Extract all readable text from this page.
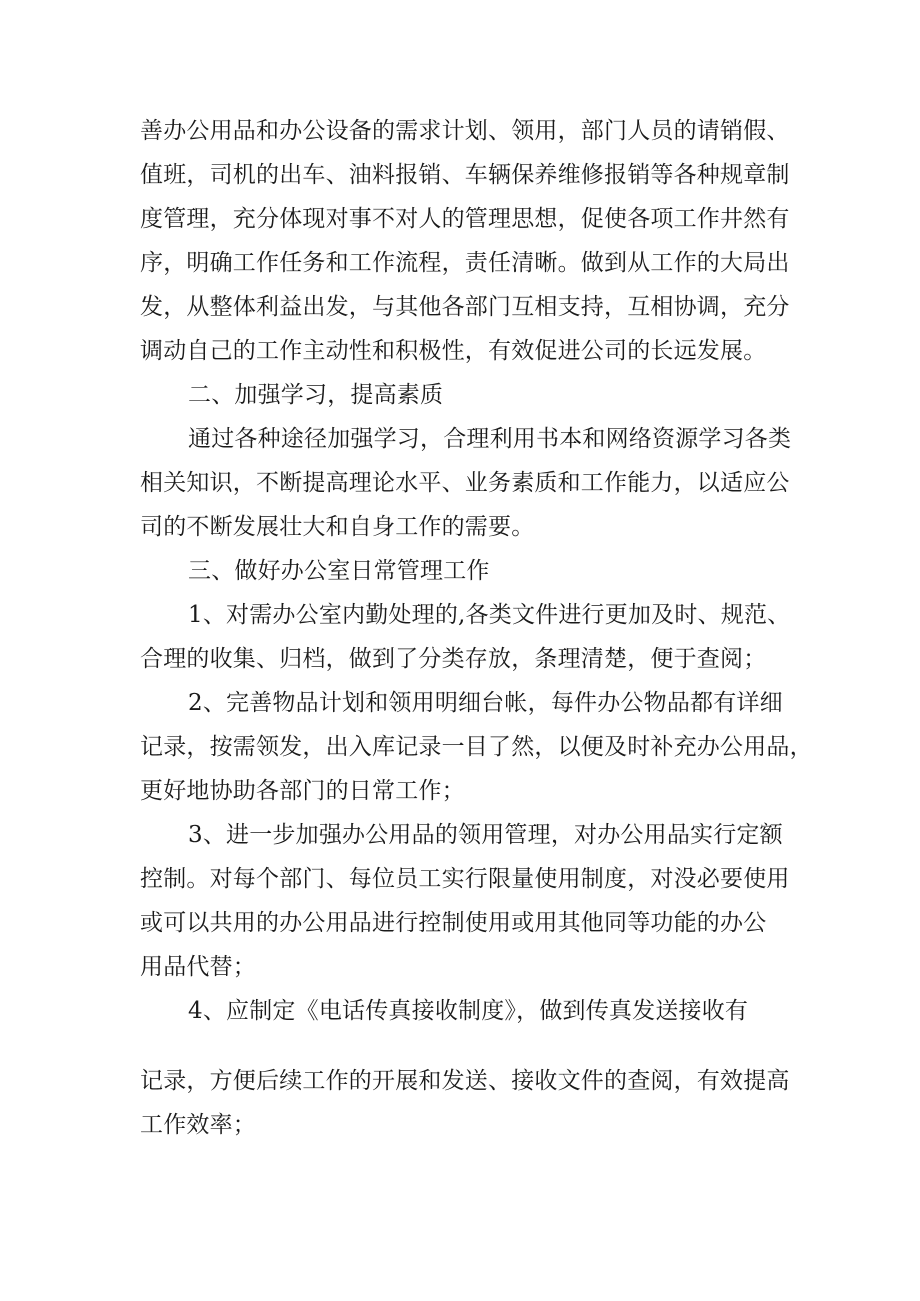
善办公用品和办公设备的需求计划、领用，部门人员的请销假、
值班，司机的出车、油料报销、车辆保养维修报销等各种规章制
度管理，充分体现对事不对人的管理思想，促使各项工作井然有
序，明确工作任务和工作流程，责任清晰。做到从工作的大局出
发，从整体利益出发，与其他各部门互相支持，互相协调，充分
调动自己的工作主动性和积极性，有效促进公司的长远发展。
二、加强学习，提高素质
通过各种途径加强学习，合理利用书本和网络资源学习各类
相关知识，不断提高理论水平、业务素质和工作能力，以适应公
司的不断发展壮大和自身工作的需要。
三、做好办公室日常管理工作
1、对需办公室内勤处理的,各类文件进行更加及时、规范、
合理的收集、归档，做到了分类存放，条理清楚，便于查阅；
2、完善物品计划和领用明细台帐，每件办公物品都有详细
记录，按需领发，出入库记录一目了然，以便及时补充办公用品，
更好地协助各部门的日常工作；
3、进一步加强办公用品的领用管理，对办公用品实行定额
控制。对每个部门、每位员工实行限量使用制度，对没必要使用
或可以共用的办公用品进行控制使用或用其他同等功能的办公
用品代替；
4、应制定《电话传真接收制度》，做到传真发送接收有
记录，方便后续工作的开展和发送、接收文件的查阅，有效提高
工作效率；
